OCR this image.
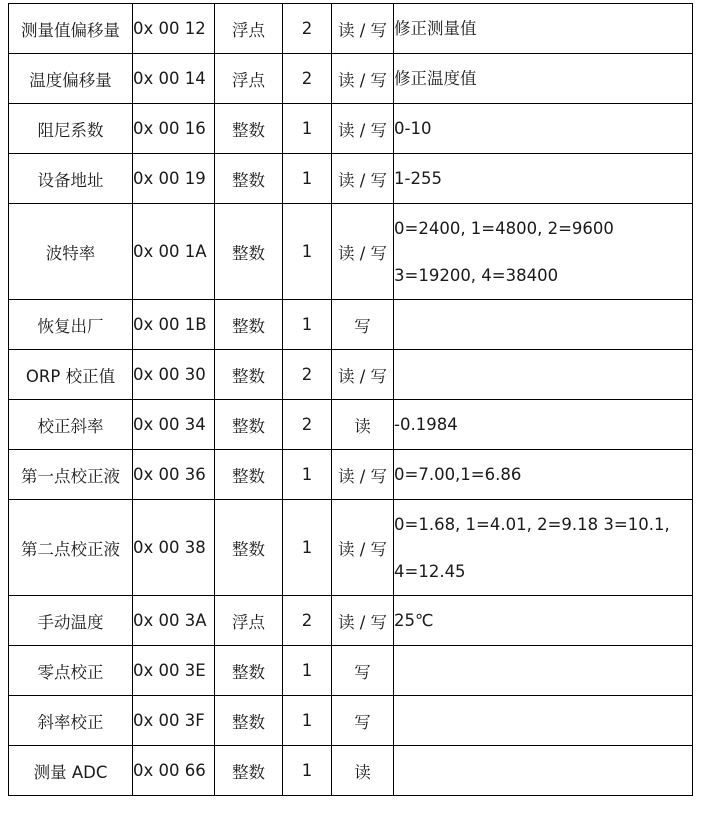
测量值偏移量	0x 00 12	浮点	2	读 / 写	修正测量值

温度偏移量	0x 00 14	浮点	2	读 / 写	修正温度值

阻尼系数	0x 00 16	整数	1	读 / 写	0-10

设备地址	0x 00 19	整数	1	读 / 写	1-255

波特率	0x 00 1A	整数	1	读 / 写	0=2400, 1=4800, 2=9600
3=19200, 4=38400

恢复出厂	0x 00 1B	整数	1	写	

ORP 校正值	0x 00 30	整数	2	读 / 写	

校正斜率	0x 00 34	整数	2	读	-0.1984

第一点校正液	0x 00 36	整数	1	读 / 写	0=7.00,1=6.86

第二点校正液	0x 00 38	整数	1	读 / 写	0=1.68, 1=4.01, 2=9.18 3=10.1,
4=12.45

手动温度	0x 00 3A	浮点	2	读 / 写	25℃

零点校正	0x 00 3E	整数	1	写	

斜率校正	0x 00 3F	整数	1	写	

测量 ADC	0x 00 66	整数	1	读	
